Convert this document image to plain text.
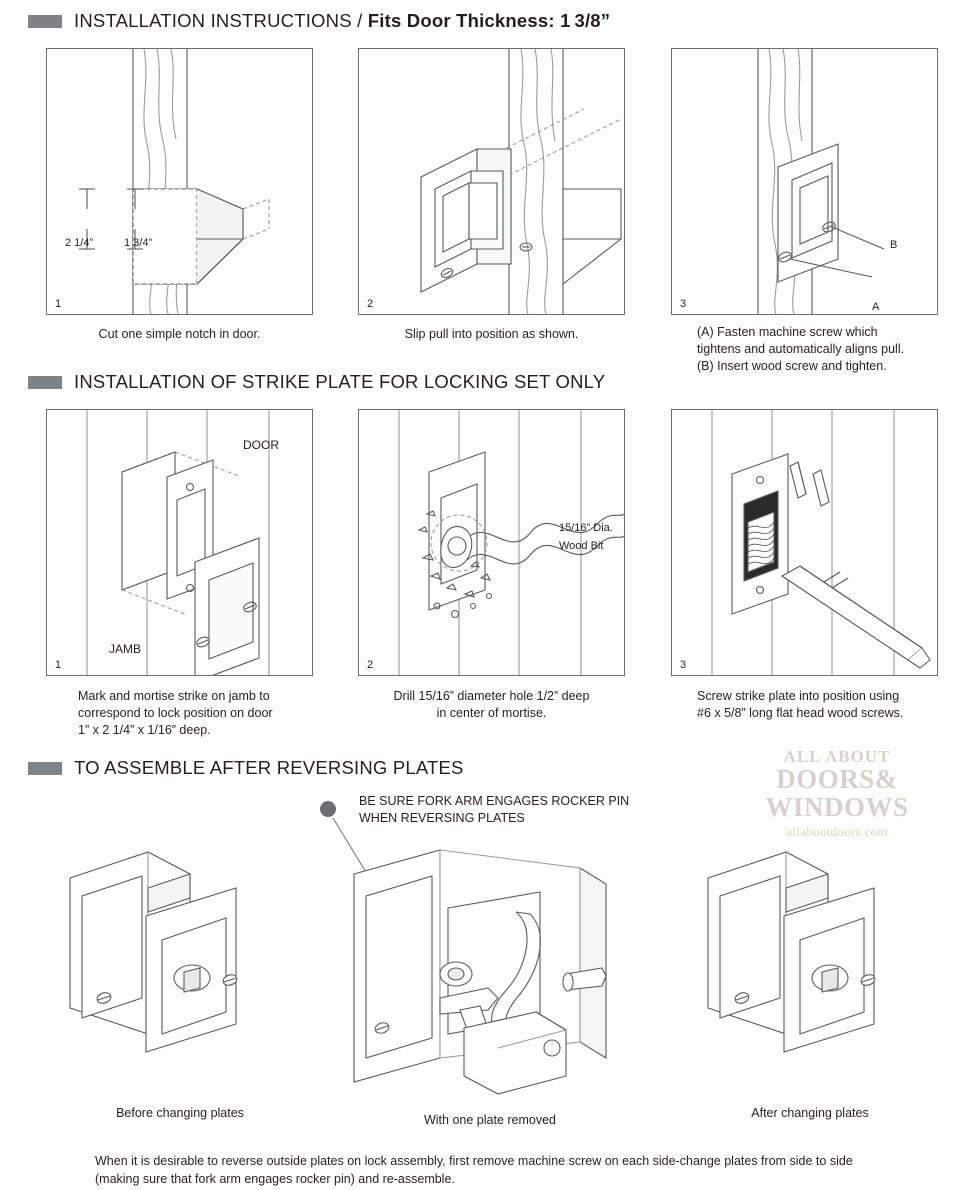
INSTALLATION INSTRUCTIONS / Fits Door Thickness: 1 3/8”
2 1/4”	1 3/4”
1
Cut one simple notch in door.
2
Slip pull into position as shown.
B
A
3
(A) Fasten machine screw which
tightens and automatically aligns pull.
(B) Insert wood screw and tighten.
INSTALLATION OF STRIKE PLATE FOR LOCKING SET ONLY
DOOR
JAMB
1
Mark and mortise strike on jamb to
correspond to lock position on door
1” x 2 1/4” x 1/16” deep.
15/16” Dia.
Wood Bit
2
Drill 15/16” diameter hole 1/2” deep
in center of mortise.
3
Screw strike plate into position using
#6 x 5/8” long flat head wood screws.
TO ASSEMBLE AFTER REVERSING PLATES
ALL ABOUT
DOORS&
WINDOWS
allaboutdoors.com
BE SURE FORK ARM ENGAGES ROCKER PIN
WHEN REVERSING PLATES
Before changing plates	With one plate removed	After changing plates
When it is desirable to reverse outside plates on lock assembly, first remove machine screw on each side-change plates from side to side
(making sure that fork arm engages rocker pin) and re-assemble.
